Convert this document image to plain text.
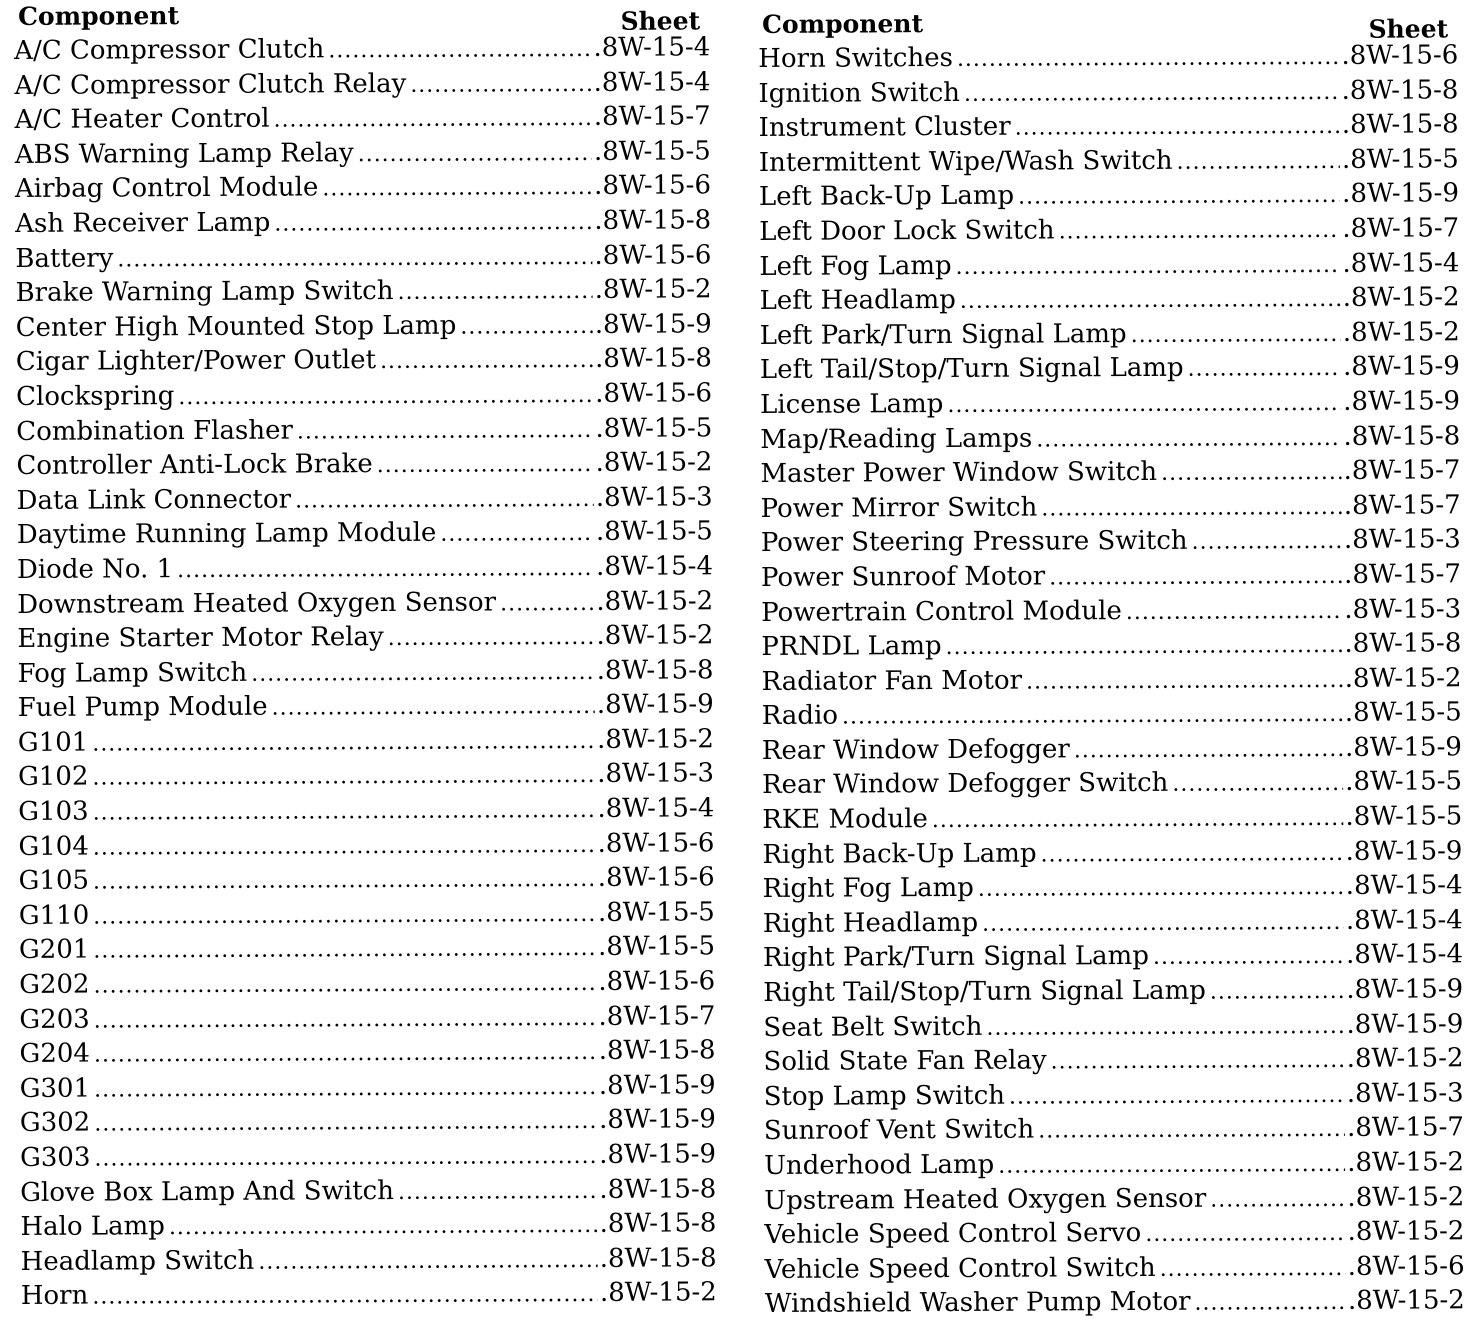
Component	Sheet
A/C Compressor Clutch . . .	.8W-15-4
A/C Compressor Clutch Relay . . .	.8W-15-4
A/C Heater Control . . .	.8W-15-7
ABS Warning Lamp Relay . . .	.8W-15-5
Airbag Control Module . . .	.8W-15-6
Ash Receiver Lamp . . .	.8W-15-8
Battery . . .	.8W-15-6
Brake Warning Lamp Switch . . .	.8W-15-2
Center High Mounted Stop Lamp . . .	.8W-15-9
Cigar Lighter/Power Outlet . . .	.8W-15-8
Clockspring . . .	.8W-15-6
Combination Flasher . . .	.8W-15-5
Controller Anti-Lock Brake . . .	.8W-15-2
Data Link Connector . . .	.8W-15-3
Daytime Running Lamp Module . . .	.8W-15-5
Diode No. 1 . . .	.8W-15-4
Downstream Heated Oxygen Sensor . . .	.8W-15-2
Engine Starter Motor Relay . . .	.8W-15-2
Fog Lamp Switch . . .	.8W-15-8
Fuel Pump Module . . .	.8W-15-9
G101 . . .	.8W-15-2
G102 . . .	.8W-15-3
G103 . . .	.8W-15-4
G104 . . .	.8W-15-6
G105 . . .	.8W-15-6
G110 . . .	.8W-15-5
G201 . . .	.8W-15-5
G202 . . .	.8W-15-6
G203 . . .	.8W-15-7
G204 . . .	.8W-15-8
G301 . . .	.8W-15-9
G302 . . .	.8W-15-9
G303 . . .	.8W-15-9
Glove Box Lamp And Switch . . .	.8W-15-8
Halo Lamp . . .	.8W-15-8
Headlamp Switch . . .	.8W-15-8
Horn . . .	.8W-15-2
Component	Sheet
Horn Switches . . .	.8W-15-6
Ignition Switch . . .	.8W-15-8
Instrument Cluster . . .	.8W-15-8
Intermittent Wipe/Wash Switch . . .	.8W-15-5
Left Back-Up Lamp . . .	.8W-15-9
Left Door Lock Switch . . .	.8W-15-7
Left Fog Lamp . . .	.8W-15-4
Left Headlamp . . .	.8W-15-2
Left Park/Turn Signal Lamp . . .	.8W-15-2
Left Tail/Stop/Turn Signal Lamp . . .	.8W-15-9
License Lamp . . .	.8W-15-9
Map/Reading Lamps . . .	.8W-15-8
Master Power Window Switch . . .	.8W-15-7
Power Mirror Switch . . .	.8W-15-7
Power Steering Pressure Switch . . .	.8W-15-3
Power Sunroof Motor . . .	.8W-15-7
Powertrain Control Module . . .	.8W-15-3
PRNDL Lamp . . .	.8W-15-8
Radiator Fan Motor . . .	.8W-15-2
Radio . . .	.8W-15-5
Rear Window Defogger . . .	.8W-15-9
Rear Window Defogger Switch . . .	.8W-15-5
RKE Module . . .	.8W-15-5
Right Back-Up Lamp . . .	.8W-15-9
Right Fog Lamp . . .	.8W-15-4
Right Headlamp . . .	.8W-15-4
Right Park/Turn Signal Lamp . . .	.8W-15-4
Right Tail/Stop/Turn Signal Lamp . . .	.8W-15-9
Seat Belt Switch . . .	.8W-15-9
Solid State Fan Relay . . .	.8W-15-2
Stop Lamp Switch . . .	.8W-15-3
Sunroof Vent Switch . . .	.8W-15-7
Underhood Lamp . . .	.8W-15-2
Upstream Heated Oxygen Sensor . . .	.8W-15-2
Vehicle Speed Control Servo . . .	.8W-15-2
Vehicle Speed Control Switch . . .	.8W-15-6
Windshield Washer Pump Motor . . .	.8W-15-2
